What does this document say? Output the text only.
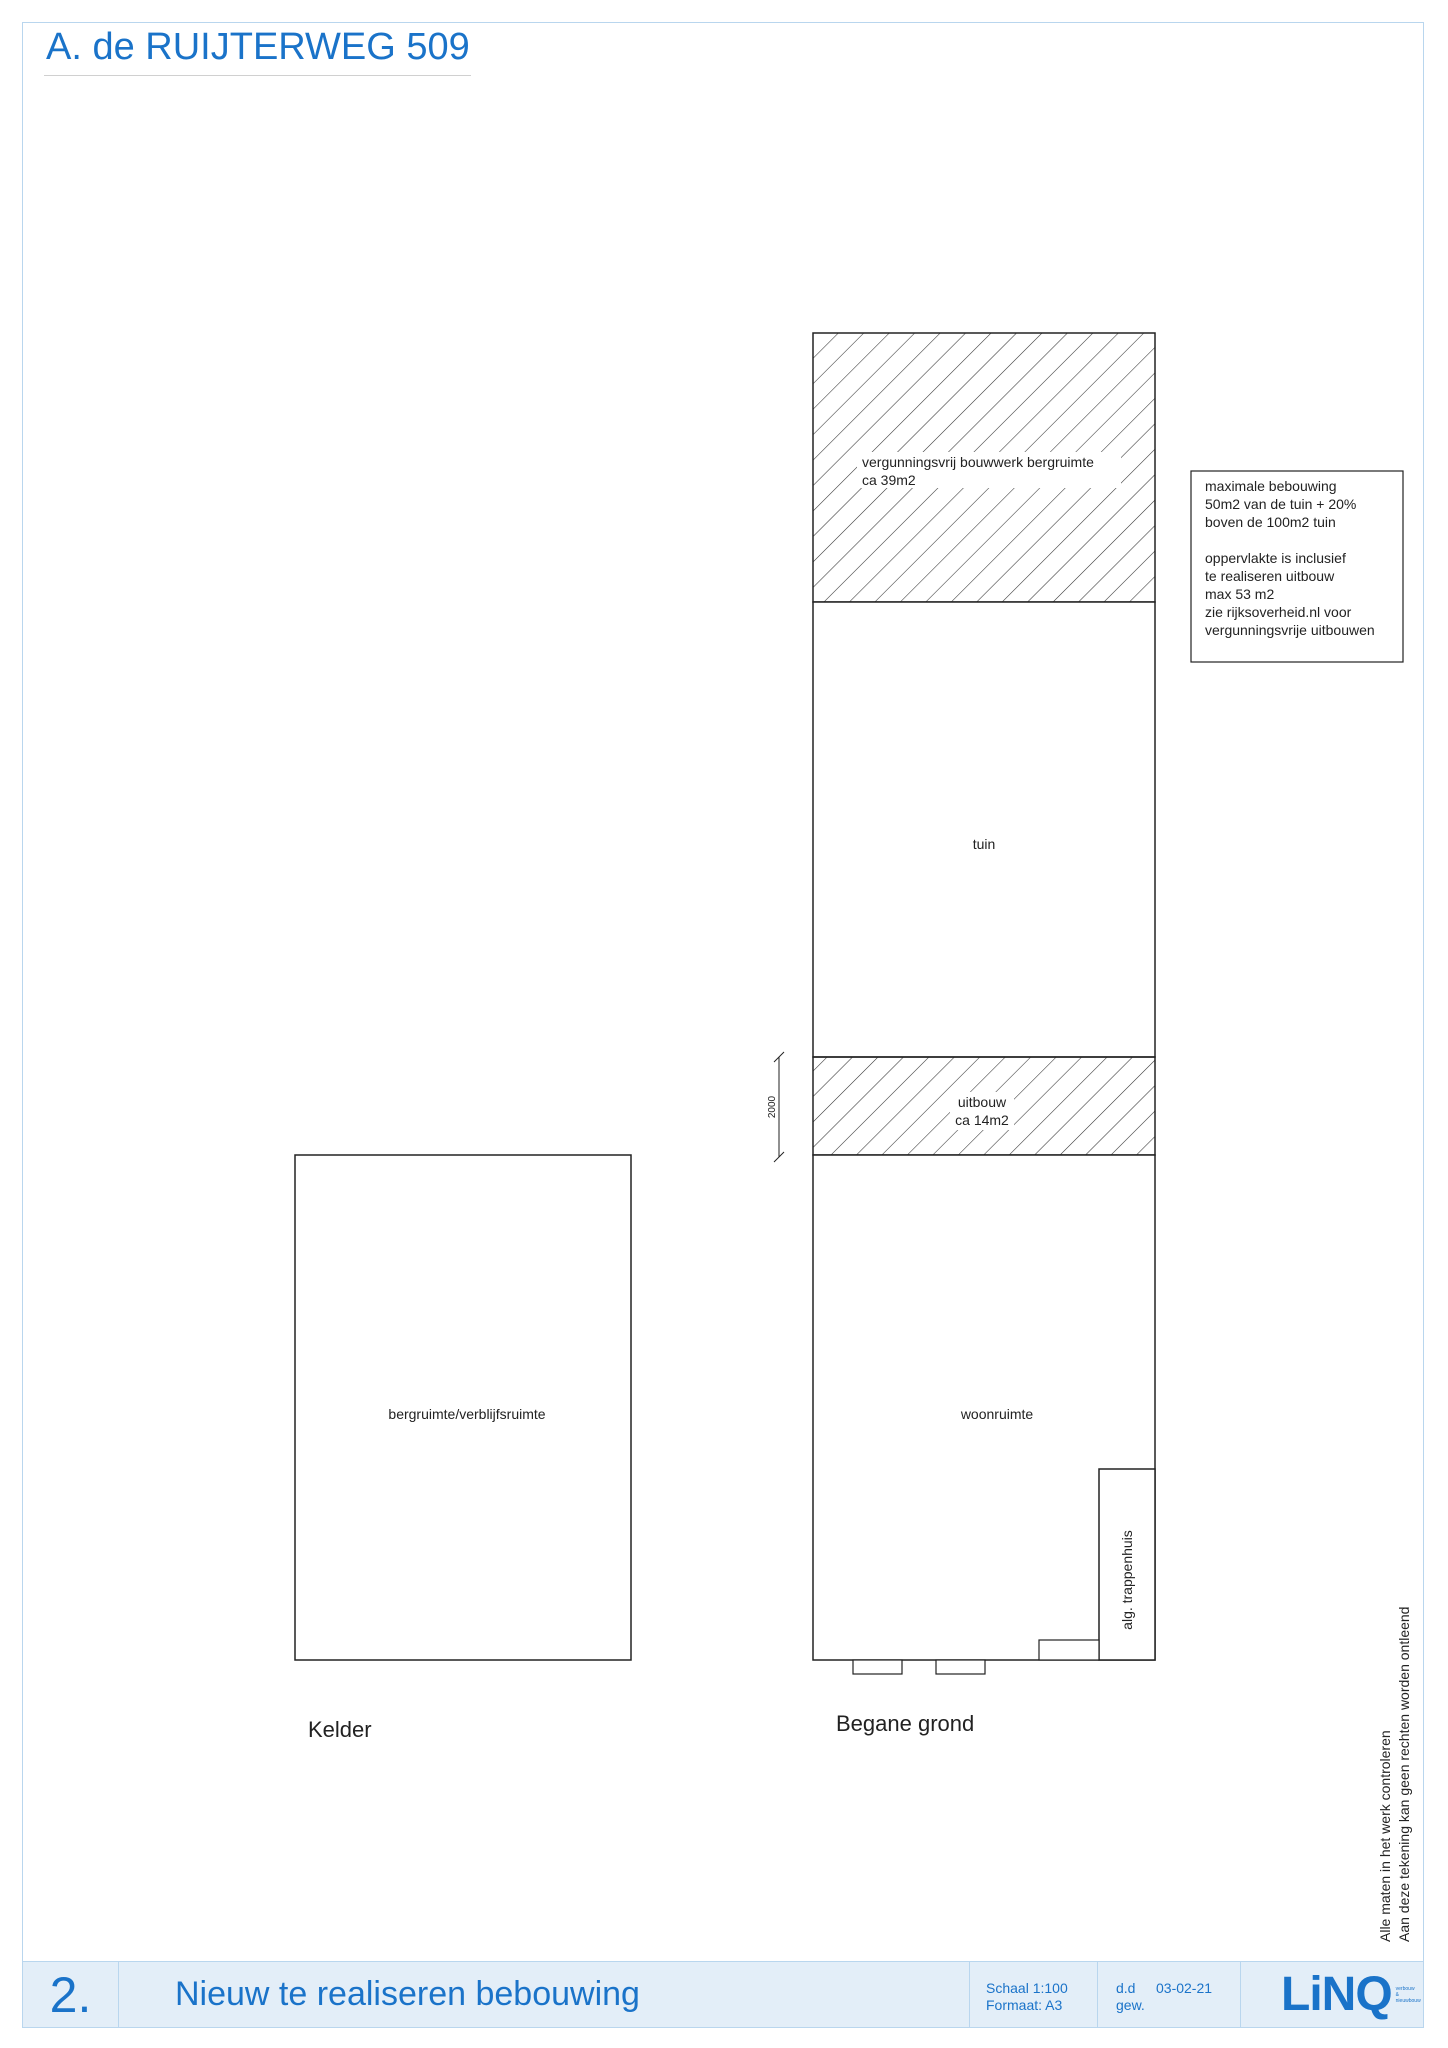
A. de RUIJTERWEG 509
vergunningsvrij bouwwerk bergruimte
ca 39m2
tuin
uitbouw
ca 14m2
2000
woonruimte
alg. trappenhuis
bergruimte/verblijfsruimte
Kelder	Begane grond
maximale bebouwing 50m2 van de tuin + 20% boven de 100m2 tuin oppervlakte is inclusief te realiseren uitbouw max 53 m2 zie rijksoverheid.nl voor vergunningsvrije uitbouwen
Alle maten in het werk controleren Aan deze tekening kan geen rechten worden ontleend
2.	Nieuw te realiseren bebouwing	Schaal 1:100
Formaat: A3
d.d 03-02-21
gew.	LiNQ verbouw & nieuwbouw
